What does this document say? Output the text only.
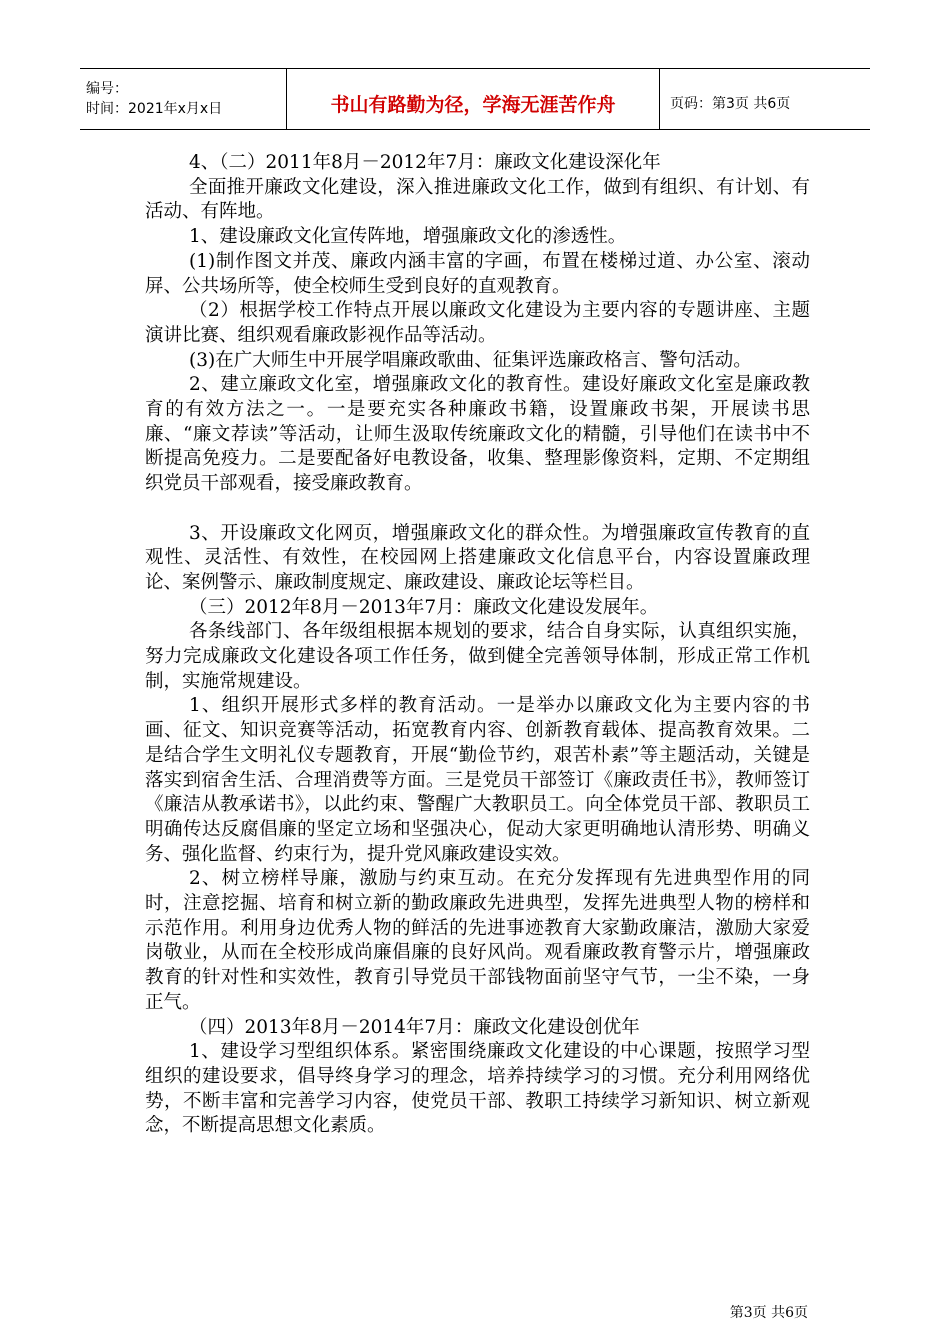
编号：
时间：2021年x月x日	书山有路勤为径，学海无涯苦作舟	页码：第3页 共6页

4、（二）2011年8月－2012年7月：廉政文化建设深化年

全面推开廉政文化建设，深入推进廉政文化工作，做到有组织、有计划、有活动、有阵地。

1、建设廉政文化宣传阵地，增强廉政文化的渗透性。

(1)制作图文并茂、廉政内涵丰富的字画，布置在楼梯过道、办公室、滚动屏、公共场所等，使全校师生受到良好的直观教育。

（2）根据学校工作特点开展以廉政文化建设为主要内容的专题讲座、主题演讲比赛、组织观看廉政影视作品等活动。

(3)在广大师生中开展学唱廉政歌曲、征集评选廉政格言、警句活动。

2、建立廉政文化室，增强廉政文化的教育性。建设好廉政文化室是廉政教育的有效方法之一。一是要充实各种廉政书籍，设置廉政书架，开展读书思廉、“廉文荐读”等活动，让师生汲取传统廉政文化的精髓，引导他们在读书中不断提高免疫力。二是要配备好电教设备，收集、整理影像资料，定期、不定期组织党员干部观看，接受廉政教育。

3、开设廉政文化网页，增强廉政文化的群众性。为增强廉政宣传教育的直观性、灵活性、有效性，在校园网上搭建廉政文化信息平台，内容设置廉政理论、案例警示、廉政制度规定、廉政建设、廉政论坛等栏目。

（三）2012年8月－2013年7月：廉政文化建设发展年。

各条线部门、各年级组根据本规划的要求，结合自身实际，认真组织实施，努力完成廉政文化建设各项工作任务，做到健全完善领导体制，形成正常工作机制，实施常规建设。

1、组织开展形式多样的教育活动。一是举办以廉政文化为主要内容的书画、征文、知识竞赛等活动，拓宽教育内容、创新教育载体、提高教育效果。二是结合学生文明礼仪专题教育，开展“勤俭节约，艰苦朴素”等主题活动，关键是落实到宿舍生活、合理消费等方面。三是党员干部签订《廉政责任书》，教师签订《廉洁从教承诺书》，以此约束、警醒广大教职员工。向全体党员干部、教职员工明确传达反腐倡廉的坚定立场和坚强决心，促动大家更明确地认清形势、明确义务、强化监督、约束行为，提升党风廉政建设实效。

2、树立榜样导廉，激励与约束互动。在充分发挥现有先进典型作用的同时，注意挖掘、培育和树立新的勤政廉政先进典型，发挥先进典型人物的榜样和示范作用。利用身边优秀人物的鲜活的先进事迹教育大家勤政廉洁，激励大家爱岗敬业，从而在全校形成尚廉倡廉的良好风尚。观看廉政教育警示片，增强廉政教育的针对性和实效性，教育引导党员干部钱物面前坚守气节，一尘不染，一身正气。

（四）2013年8月－2014年7月：廉政文化建设创优年

1、建设学习型组织体系。紧密围绕廉政文化建设的中心课题，按照学习型组织的建设要求，倡导终身学习的理念，培养持续学习的习惯。充分利用网络优势，不断丰富和完善学习内容，使党员干部、教职工持续学习新知识、树立新观念，不断提高思想文化素质。

第3页 共6页
